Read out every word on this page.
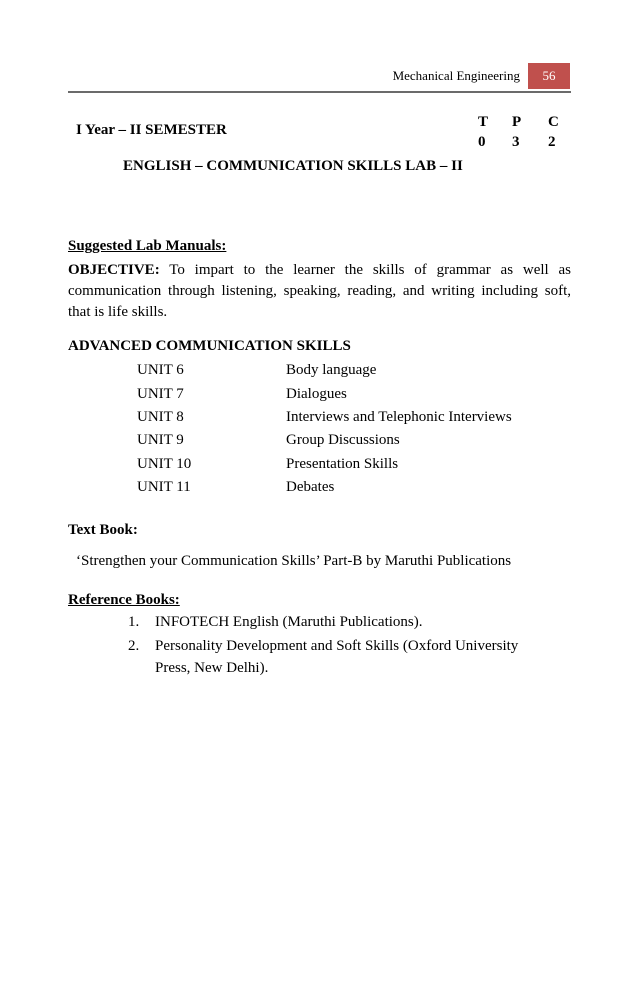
Mechanical Engineering	56
I Year – II SEMESTER	T P C
0 3 2
ENGLISH – COMMUNICATION SKILLS LAB – II
Suggested Lab Manuals:
OBJECTIVE: To impart to the learner the skills of grammar as well as communication through listening, speaking, reading, and writing including soft, that is life skills.
ADVANCED COMMUNICATION SKILLS
UNIT 6	Body language
UNIT 7	Dialogues
UNIT 8	Interviews and Telephonic Interviews
UNIT 9	Group Discussions
UNIT 10	Presentation Skills
UNIT 11	Debates
Text Book:
‘Strengthen your Communication Skills’ Part-B by Maruthi Publications
Reference Books:
1. INFOTECH English (Maruthi Publications).
2. Personality Development and Soft Skills (Oxford University
Press, New Delhi).
